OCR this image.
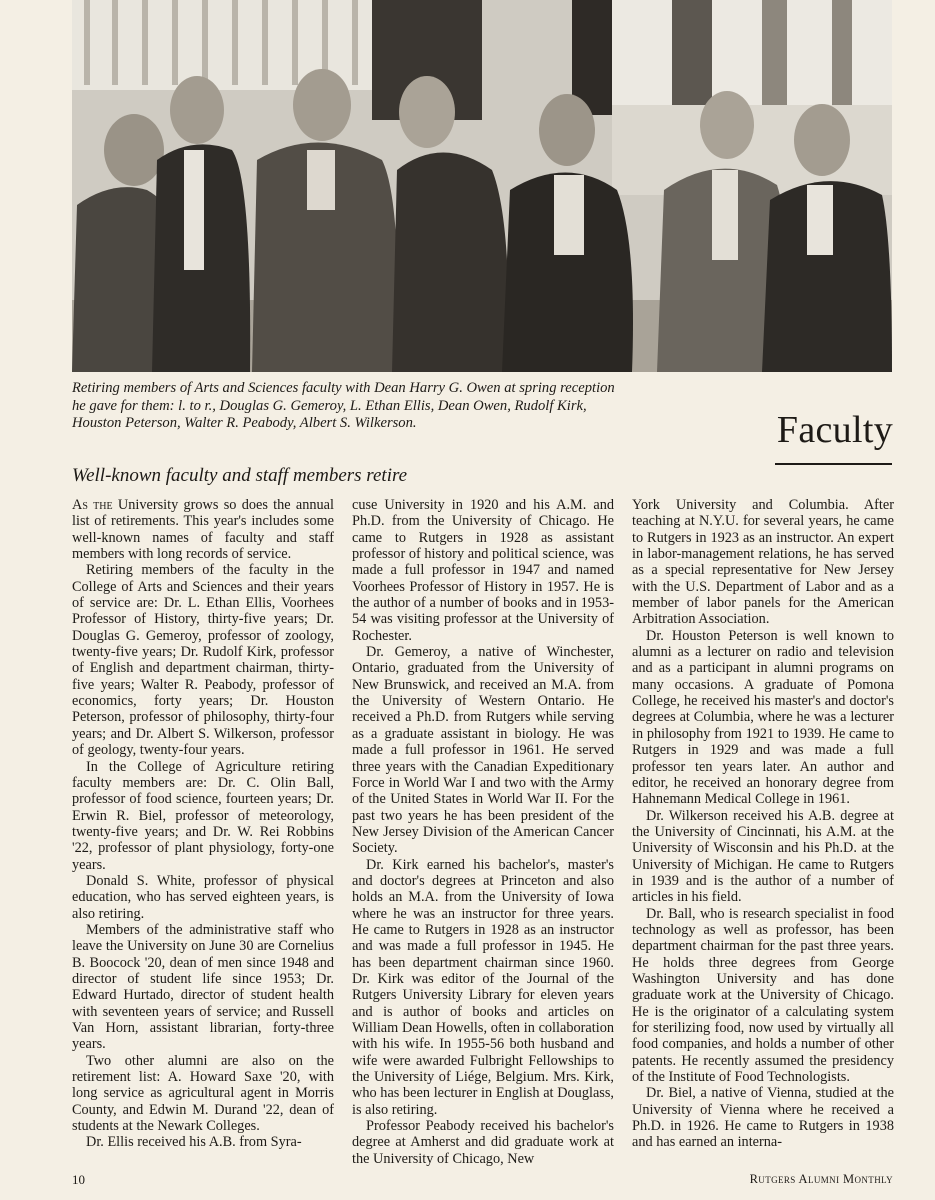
Retiring members of Arts and Sciences faculty with Dean Harry G. Owen at spring reception he gave for them: l. to r., Douglas G. Gemeroy, L. Ethan Ellis, Dean Owen, Rudolf Kirk, Houston Peterson, Walter R. Peabody, Albert S. Wilkerson.	Faculty
Well-known faculty and staff members retire

As the University grows so does the annual list of retirements. This year's includes some well-known names of faculty and staff members with long records of service.

Retiring members of the faculty in the College of Arts and Sciences and their years of service are: Dr. L. Ethan Ellis, Voorhees Professor of History, thirty-five years; Dr. Douglas G. Gemeroy, professor of zoology, twenty-five years; Dr. Rudolf Kirk, professor of English and department chairman, thirty-five years; Walter R. Peabody, professor of economics, forty years; Dr. Houston Peterson, professor of philosophy, thirty-four years; and Dr. Albert S. Wilkerson, professor of geology, twenty-four years.

In the College of Agriculture retiring faculty members are: Dr. C. Olin Ball, professor of food science, fourteen years; Dr. Erwin R. Biel, professor of meteorology, twenty-five years; and Dr. W. Rei Robbins '22, professor of plant physiology, forty-one years.

Donald S. White, professor of physical education, who has served eighteen years, is also retiring.

Members of the administrative staff who leave the University on June 30 are Cornelius B. Boocock '20, dean of men since 1948 and director of student life since 1953; Dr. Edward Hurtado, director of student health with seventeen years of service; and Russell Van Horn, assistant librarian, forty-three years.

Two other alumni are also on the retirement list: A. Howard Saxe '20, with long service as agricultural agent in Morris County, and Edwin M. Durand '22, dean of students at the Newark Colleges.

Dr. Ellis received his A.B. from Syra-

cuse University in 1920 and his A.M. and Ph.D. from the University of Chicago. He came to Rutgers in 1928 as assistant professor of history and political science, was made a full professor in 1947 and named Voorhees Professor of History in 1957. He is the author of a number of books and in 1953-54 was visiting professor at the University of Rochester.

Dr. Gemeroy, a native of Winchester, Ontario, graduated from the University of New Brunswick, and received an M.A. from the University of Western Ontario. He received a Ph.D. from Rutgers while serving as a graduate assistant in biology. He was made a full professor in 1961. He served three years with the Canadian Expeditionary Force in World War I and two with the Army of the United States in World War II. For the past two years he has been president of the New Jersey Division of the American Cancer Society.

Dr. Kirk earned his bachelor's, master's and doctor's degrees at Princeton and also holds an M.A. from the University of Iowa where he was an instructor for three years. He came to Rutgers in 1928 as an instructor and was made a full professor in 1945. He has been department chairman since 1960. Dr. Kirk was editor of the Journal of the Rutgers University Library for eleven years and is author of books and articles on William Dean Howells, often in collaboration with his wife. In 1955-56 both husband and wife were awarded Fulbright Fellowships to the University of Liége, Belgium. Mrs. Kirk, who has been lecturer in English at Douglass, is also retiring.

Professor Peabody received his bachelor's degree at Amherst and did graduate work at the University of Chicago, New

York University and Columbia. After teaching at N.Y.U. for several years, he came to Rutgers in 1923 as an instructor. An expert in labor-management relations, he has served as a special representative for New Jersey with the U.S. Department of Labor and as a member of labor panels for the American Arbitration Association.

Dr. Houston Peterson is well known to alumni as a lecturer on radio and television and as a participant in alumni programs on many occasions. A graduate of Pomona College, he received his master's and doctor's degrees at Columbia, where he was a lecturer in philosophy from 1921 to 1939. He came to Rutgers in 1929 and was made a full professor ten years later. An author and editor, he received an honorary degree from Hahnemann Medical College in 1961.

Dr. Wilkerson received his A.B. degree at the University of Cincinnati, his A.M. at the University of Wisconsin and his Ph.D. at the University of Michigan. He came to Rutgers in 1939 and is the author of a number of articles in his field.

Dr. Ball, who is research specialist in food technology as well as professor, has been department chairman for the past three years. He holds three degrees from George Washington University and has done graduate work at the University of Chicago. He is the originator of a calculating system for sterilizing food, now used by virtually all food companies, and holds a number of other patents. He recently assumed the presidency of the Institute of Food Technologists.

Dr. Biel, a native of Vienna, studied at the University of Vienna where he received a Ph.D. in 1926. He came to Rutgers in 1938 and has earned an interna-

10	Rutgers Alumni Monthly
